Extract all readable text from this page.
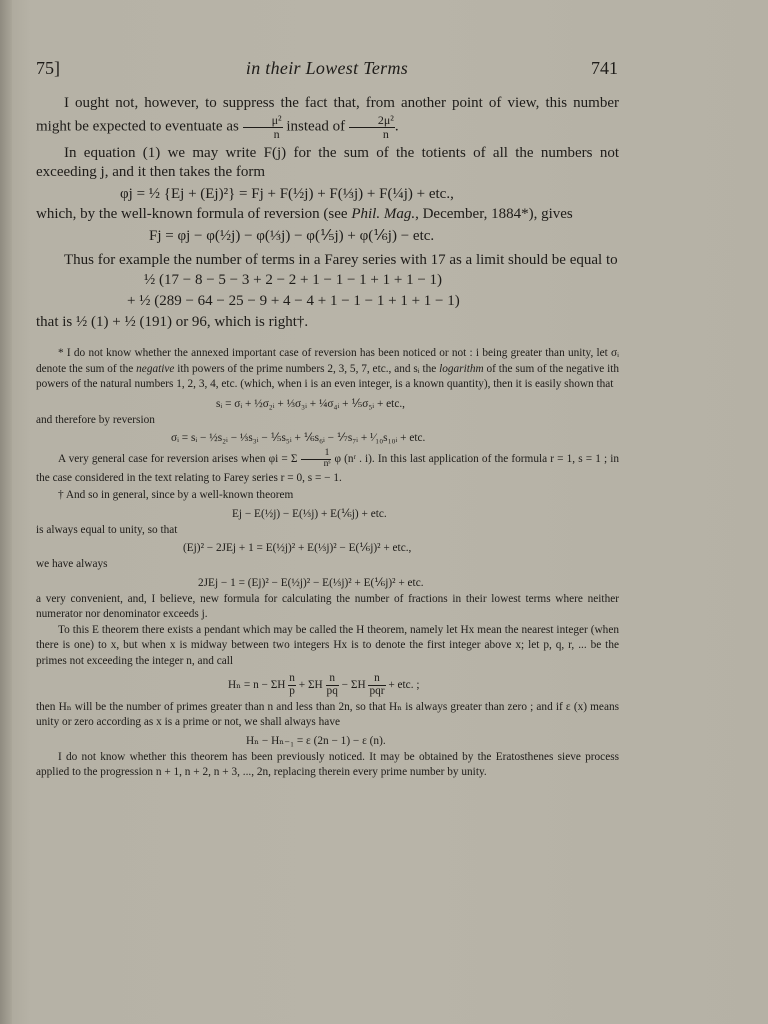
75]	in their Lowest Terms	741

I ought not, however, to suppress the fact that, from another point of view, this number might be expected to eventuate as $\frac{\text{μ²}}{n}$ instead of $\frac{\text{2μ²}}{n}$ .

In equation (1) we may write F(j) for the sum of the totients of all the numbers not exceeding j, and it then takes the form

φj = ½ {Ej + (Ej)²} = Fj + F(½j) + F(⅓j) + F(¼j) + etc.,

which, by the well-known formula of reversion (see Phil. Mag., December, 1884*), gives

Fj = φj − φ(½j) − φ(⅓j) − φ(⅕j) + φ(⅙j) − etc.

Thus for example the number of terms in a Farey series with 17 as a limit should be equal to

½ (17 − 8 − 5 − 3 + 2 − 2 + 1 − 1 − 1 + 1 + 1 − 1)

+ ½ (289 − 64 − 25 − 9 + 4 − 4 + 1 − 1 − 1 + 1 + 1 − 1)

that is ½ (1) + ½ (191) or 96, which is right†.

* I do not know whether the annexed important case of reversion has been noticed or not : i being greater than unity, let σᵢ denote the sum of the negative ith powers of the prime numbers 2, 3, 5, 7, etc., and sᵢ the logarithm of the sum of the negative ith powers of the natural numbers 1, 2, 3, 4, etc. (which, when i is an even integer, is a known quantity), then it is easily shown that

sᵢ = σᵢ + ½σ₂ᵢ + ⅓σ₃ᵢ + ¼σ₄ᵢ + ⅕σ₅ᵢ + etc.,

and therefore by reversion

σᵢ = sᵢ − ½s₂ᵢ − ⅓s₃ᵢ − ⅕s₅ᵢ + ⅙s₆ᵢ − ⅐s₇ᵢ + ¹⁄₁₀s₁₀ᵢ + etc.

A very general case for reversion arises when φi = Σ $\frac{1}{\text{nˢ}}$ φ (nʳ . i). In this last application of the formula r = 1, s = 1 ; in the case considered in the text relating to Farey series r = 0, s = − 1.

† And so in general, since by a well-known theorem

Ej − E(½j) − E(⅓j) + E(⅙j) + etc.

is always equal to unity, so that

(Ej)² − 2JEj + 1 = E(½j)² + E(⅓j)² − E(⅙j)² + etc.,

we have always

2JEj − 1 = (Ej)² − E(½j)² − E(⅓j)² + E(⅙j)² + etc.

a very convenient, and, I believe, new formula for calculating the number of fractions in their lowest terms where neither numerator nor denominator exceeds j.

To this E theorem there exists a pendant which may be called the H theorem, namely let Hx mean the nearest integer (when there is one) to x, but when x is midway between two integers Hx is to denote the first integer above x; let p, q, r, ... be the primes not exceeding the integer n, and call

Hₙ = n − ΣH $\frac{n}{p} + \Sigma H \frac{n}{pq} - \Sigma H \frac{n}{\text{pqr}}$ + etc. ;

then Hₙ will be the number of primes greater than n and less than 2n, so that Hₙ is always greater than zero ; and if ε (x) means unity or zero according as x is a prime or not, we shall always have

Hₙ − Hₙ₋₁ = ε (2n − 1) − ε (n).

I do not know whether this theorem has been previously noticed. It may be obtained by the Eratosthenes sieve process applied to the progression n + 1, n + 2, n + 3, ..., 2n, replacing therein every prime number by unity.
